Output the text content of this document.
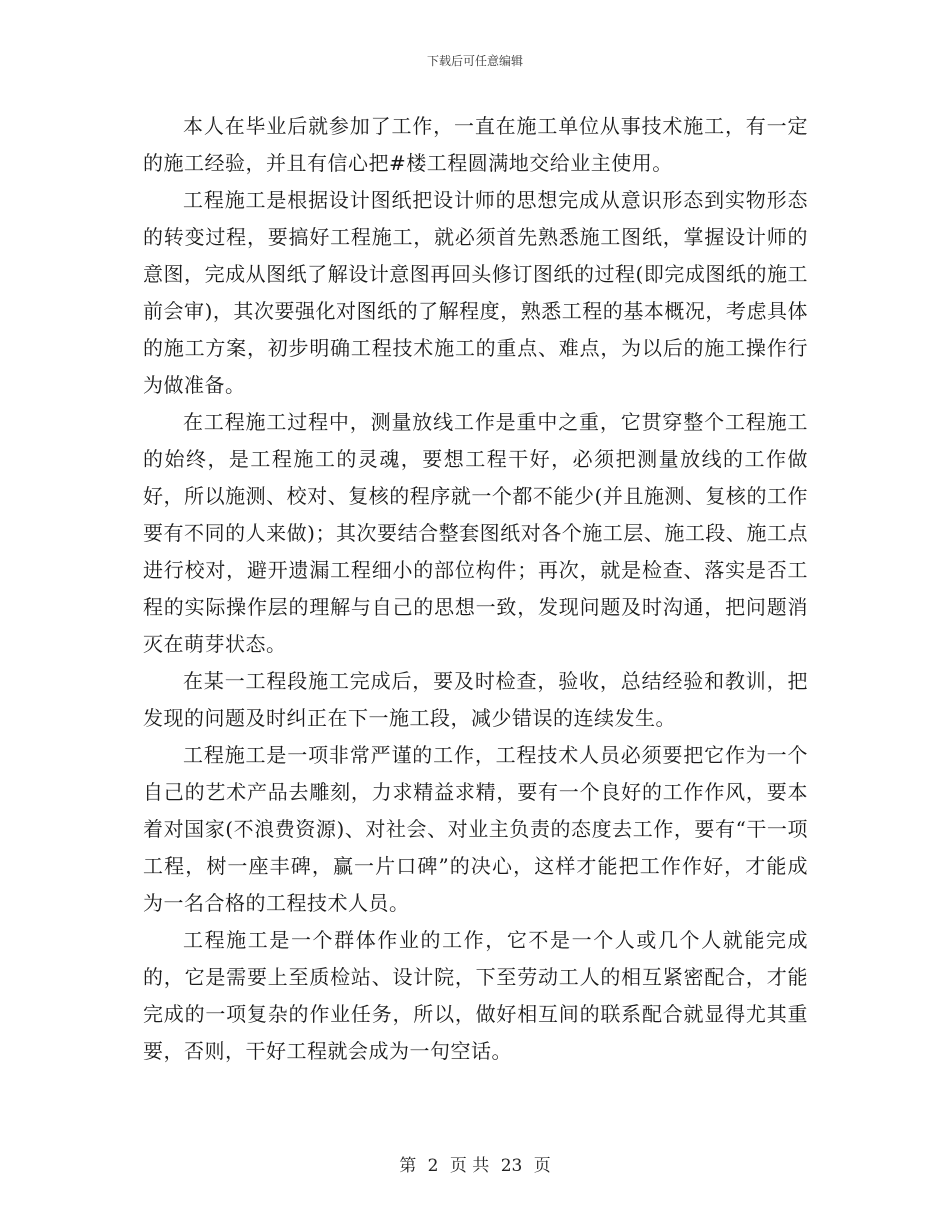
下载后可任意编辑

本人在毕业后就参加了工作，一直在施工单位从事技术施工，有一定的施工经验，并且有信心把#楼工程圆满地交给业主使用。

工程施工是根据设计图纸把设计师的思想完成从意识形态到实物形态的转变过程，要搞好工程施工，就必须首先熟悉施工图纸，掌握设计师的意图，完成从图纸了解设计意图再回头修订图纸的过程(即完成图纸的施工前会审)，其次要强化对图纸的了解程度，熟悉工程的基本概况，考虑具体的施工方案，初步明确工程技术施工的重点、难点，为以后的施工操作行为做准备。

在工程施工过程中，测量放线工作是重中之重，它贯穿整个工程施工的始终，是工程施工的灵魂，要想工程干好，必须把测量放线的工作做好，所以施测、校对、复核的程序就一个都不能少(并且施测、复核的工作要有不同的人来做)；其次要结合整套图纸对各个施工层、施工段、施工点进行校对，避开遗漏工程细小的部位构件；再次，就是检查、落实是否工程的实际操作层的理解与自己的思想一致，发现问题及时沟通，把问题消灭在萌芽状态。

在某一工程段施工完成后，要及时检查，验收，总结经验和教训，把发现的问题及时纠正在下一施工段，减少错误的连续发生。

工程施工是一项非常严谨的工作，工程技术人员必须要把它作为一个自己的艺术产品去雕刻，力求精益求精，要有一个良好的工作作风，要本着对国家(不浪费资源)、对社会、对业主负责的态度去工作，要有“干一项工程，树一座丰碑，赢一片口碑”的决心，这样才能把工作作好，才能成为一名合格的工程技术人员。

工程施工是一个群体作业的工作，它不是一个人或几个人就能完成的，它是需要上至质检站、设计院，下至劳动工人的相互紧密配合，才能完成的一项复杂的作业任务，所以，做好相互间的联系配合就显得尤其重要，否则，干好工程就会成为一句空话。

第 2 页 共 23 页
